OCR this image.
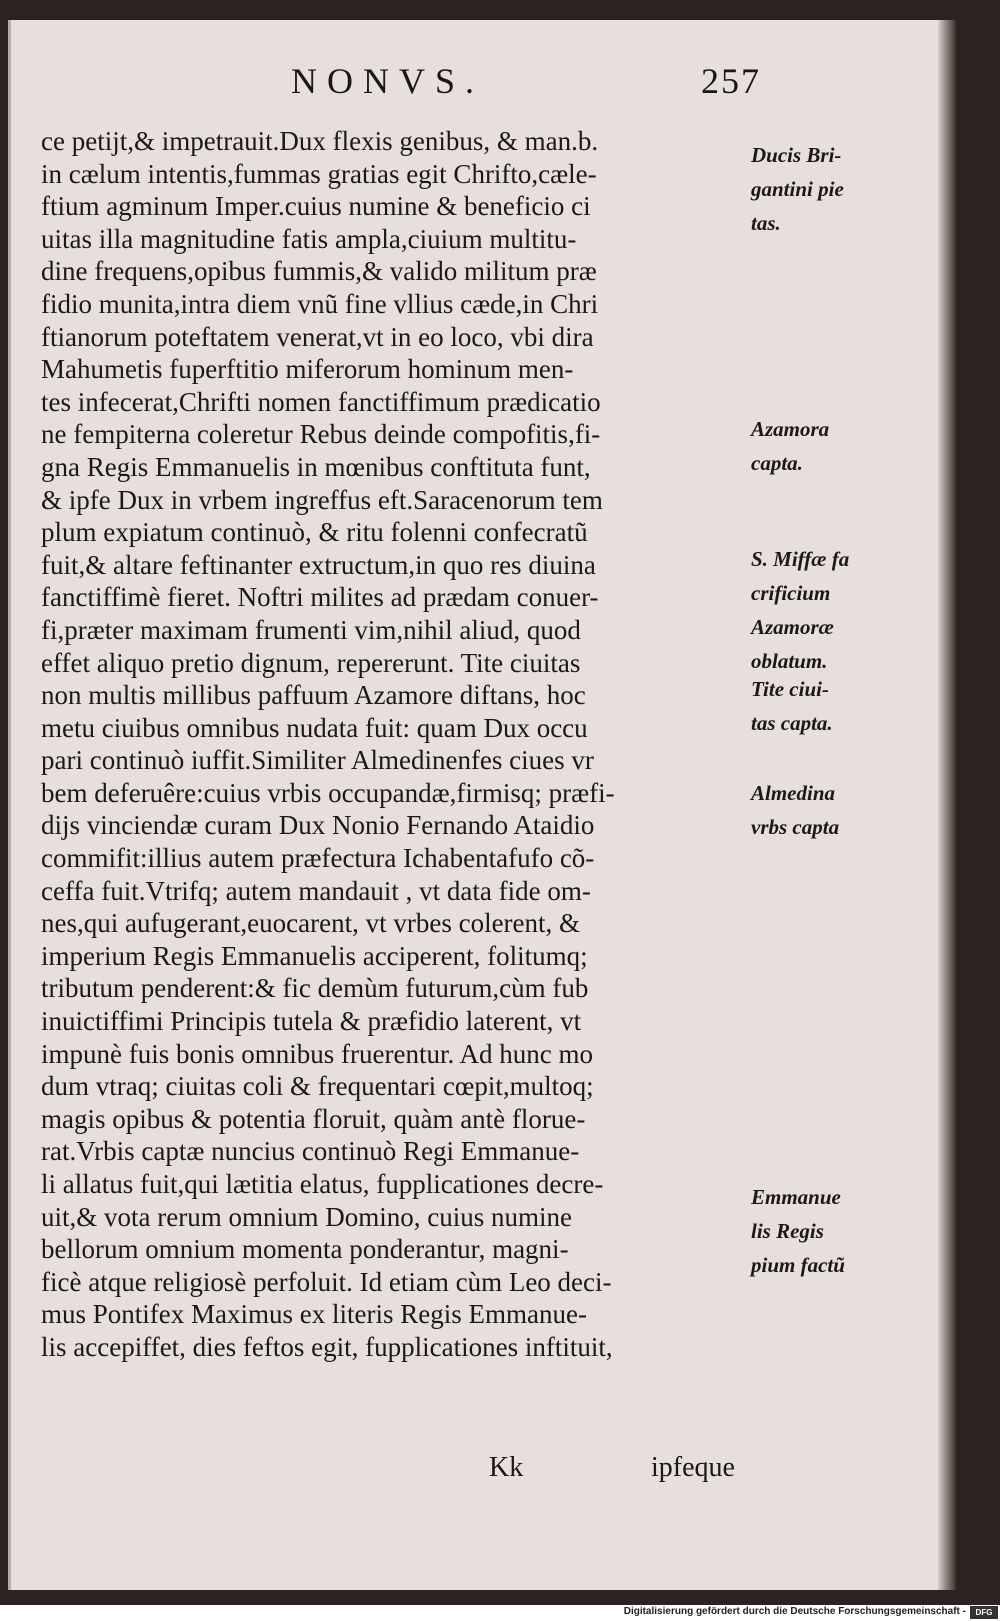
NONVS.	257
ce petijt,& impetrauit.Dux flexis genibus, & man.b.
in cælum intentis,fummas gratias egit Chrifto,cæle-
ftium agminum Imper.cuius numine & beneficio ci
uitas illa magnitudine fatis ampla,ciuium multitu-
dine frequens,opibus fummis,& valido militum præ
fidio munita,intra diem vnũ fine vllius cæde,in Chri
ftianorum poteftatem venerat,vt in eo loco, vbi dira
Mahumetis fuperftitio miferorum hominum men-
tes infecerat,Chrifti nomen fanctiffimum prædicatio
ne fempiterna coleretur Rebus deinde compofitis,fi-
gna Regis Emmanuelis in mœnibus conftituta funt,
& ipfe Dux in vrbem ingreffus eft.Saracenorum tem
plum expiatum continuò, & ritu folenni confecratũ
fuit,& altare feftinanter extructum,in quo res diuina
fanctiffimè fieret. Noftri milites ad prædam conuer-
fi,præter maximam frumenti vim,nihil aliud, quod
effet aliquo pretio dignum, repererunt. Tite ciuitas
non multis millibus paffuum Azamore diftans, hoc
metu ciuibus omnibus nudata fuit: quam Dux occu
pari continuò iuffit.Similiter Almedinenfes ciues vr
bem deferuêre:cuius vrbis occupandæ,firmisq; præfi-
dijs vinciendæ curam Dux Nonio Fernando Ataidio
commifit:illius autem præfectura Ichabentafufo cõ-
ceffa fuit.Vtrifq; autem mandauit , vt data fide om-
nes,qui aufugerant,euocarent, vt vrbes colerent, &
imperium Regis Emmanuelis acciperent, folitumq;
tributum penderent:& fic demùm futurum,cùm fub
inuictiffimi Principis tutela & præfidio laterent, vt
impunè fuis bonis omnibus fruerentur. Ad hunc mo
dum vtraq; ciuitas coli & frequentari cœpit,multoq;
magis opibus & potentia floruit, quàm antè floruе-
rat.Vrbis captæ nuncius continuò Regi Emmanue-
li allatus fuit,qui lætitia elatus, fupplicationes decre-
uit,& vota rerum omnium Domino, cuius numine
bellorum omnium momenta ponderantur, magni-
ficè atque religiosè perfoluit. Id etiam cùm Leo deci-
mus Pontifex Maximus ex literis Regis Emmanue-
lis accepiffet, dies feftos egit, fupplicationes inftituit,
Ducis Bri-
gantini pie
tas.
Azamora
capta.
S. Miffæ fa
crificium
Azamoræ
oblatum.
Tite ciui-
tas capta.
Almedina
vrbs capta
Emmanue
lis Regis
pium factũ
Kk	ipfeque
Digitalisierung gefördert durch die Deutsche Forschungsgemeinschaft -	DFG
